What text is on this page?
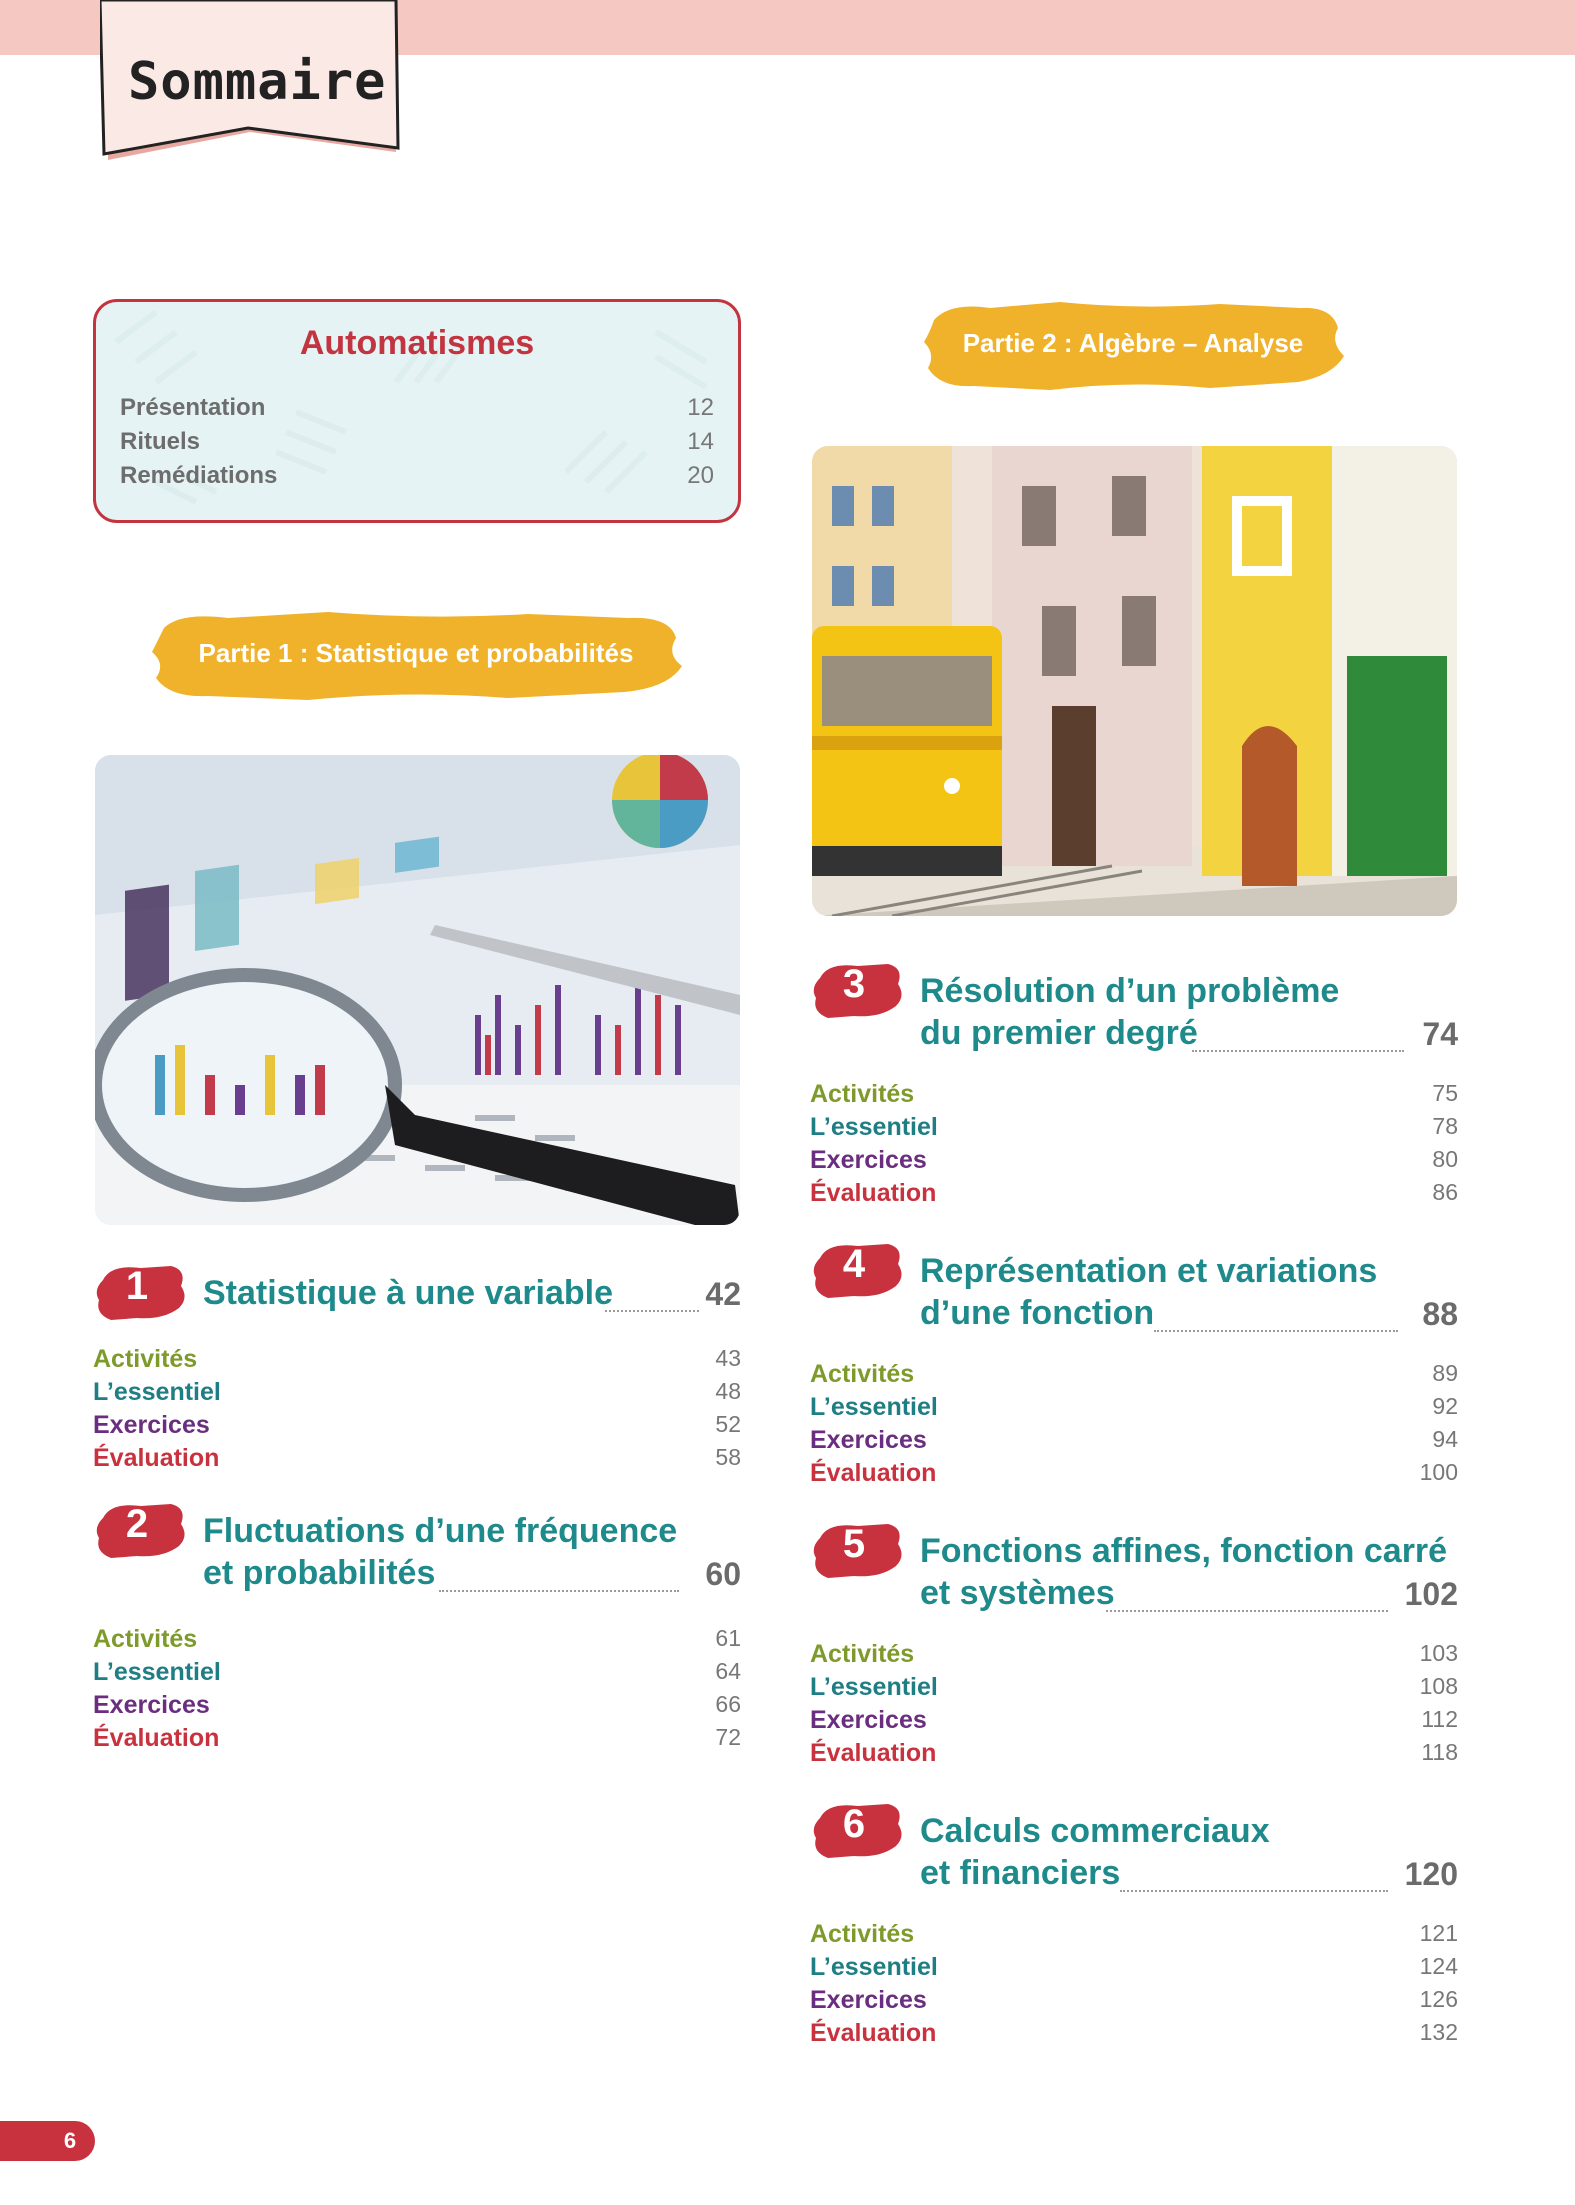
Sommaire
Automatismes
Présentation	12
Rituels	14
Remédiations	20
Partie 2 : Algèbre – Analyse
Partie 1 : Statistique et probabilités
1	Statistique à une variable	42
Activités	43
L’essentiel	48
Exercices	52
Évaluation	58
2	Fluctuations d’une fréquence
et probabilités	60
Activités	61
L’essentiel	64
Exercices	66
Évaluation	72
3	Résolution d’un problème
du premier degré	74
Activités	75
L’essentiel	78
Exercices	80
Évaluation	86
4	Représentation et variations
d’une fonction	88
Activités	89
L’essentiel	92
Exercices	94
Évaluation	100
5	Fonctions affines, fonction carré
et systèmes	102
Activités	103
L’essentiel	108
Exercices	112
Évaluation	118
6	Calculs commerciaux
et financiers	120
Activités	121
L’essentiel	124
Exercices	126
Évaluation	132
6
